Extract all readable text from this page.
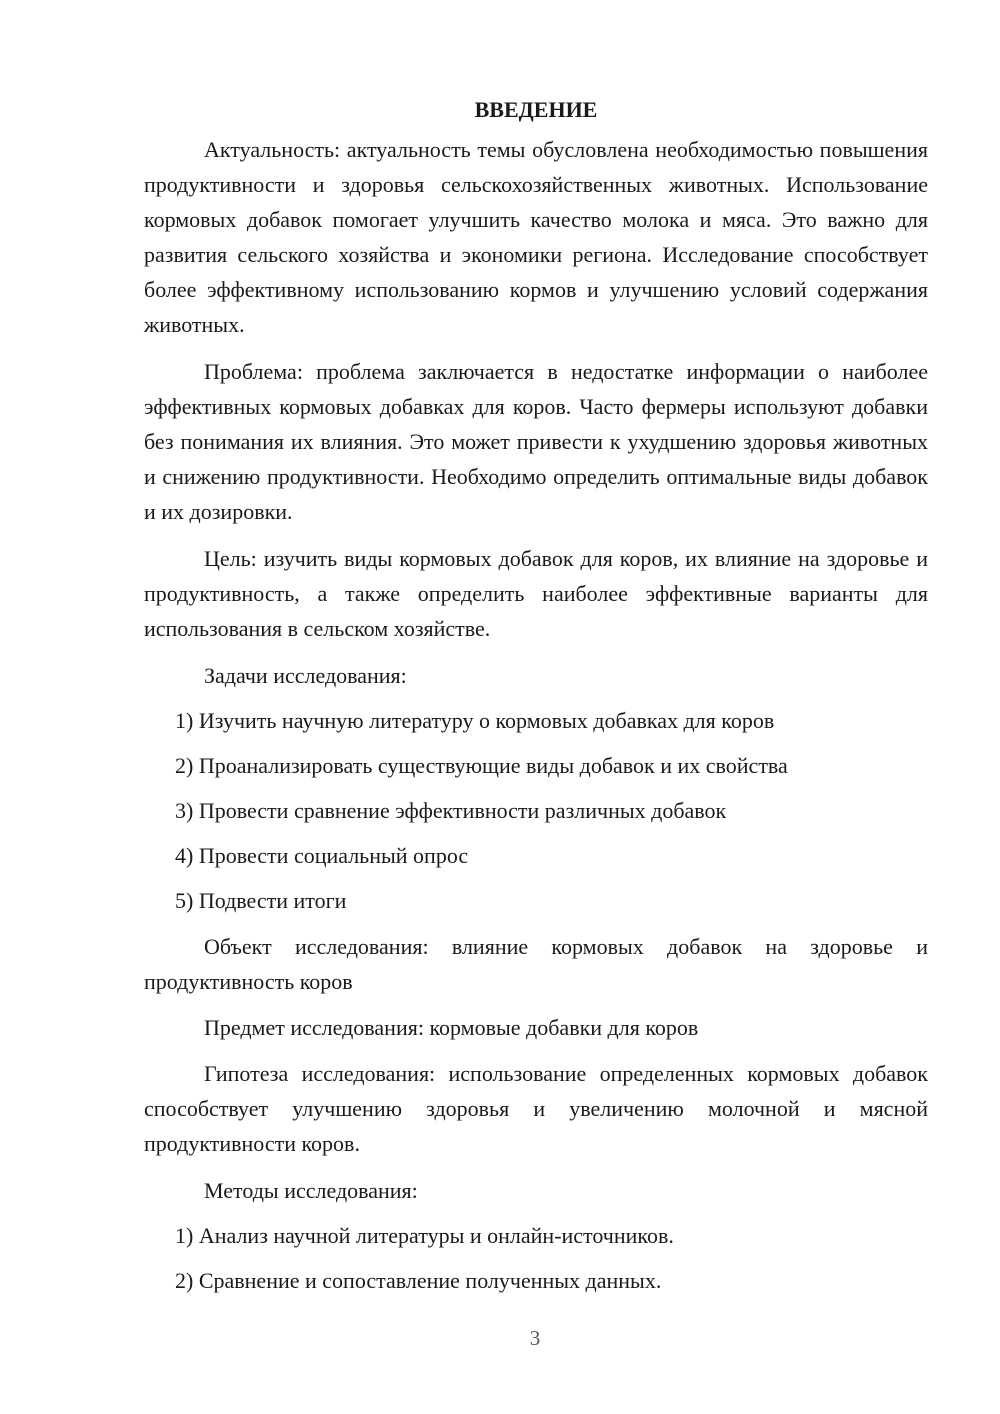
ВВЕДЕНИЕ

Актуальность: актуальность темы обусловлена необходимостью повышения продуктивности и здоровья сельскохозяйственных животных. Использование кормовых добавок помогает улучшить качество молока и мяса. Это важно для развития сельского хозяйства и экономики региона. Исследование способствует более эффективному использованию кормов и улучшению условий содержания животных.

Проблема: проблема заключается в недостатке информации о наиболее эффективных кормовых добавках для коров. Часто фермеры используют добавки без понимания их влияния. Это может привести к ухудшению здоровья животных и снижению продуктивности. Необходимо определить оптимальные виды добавок и их дозировки.

Цель: изучить виды кормовых добавок для коров, их влияние на здоровье и продуктивность, а также определить наиболее эффективные варианты для использования в сельском хозяйстве.

Задачи исследования:

1) Изучить научную литературу о кормовых добавках для коров

2) Проанализировать существующие виды добавок и их свойства

3) Провести сравнение эффективности различных добавок

4) Провести социальный опрос

5) Подвести итоги

Объект исследования: влияние кормовых добавок на здоровье и продуктивность коров

Предмет исследования: кормовые добавки для коров

Гипотеза исследования: использование определенных кормовых добавок способствует улучшению здоровья и увеличению молочной и мясной продуктивности коров.

Методы исследования:

1) Анализ научной литературы и онлайн-источников.

2) Сравнение и сопоставление полученных данных.

3
